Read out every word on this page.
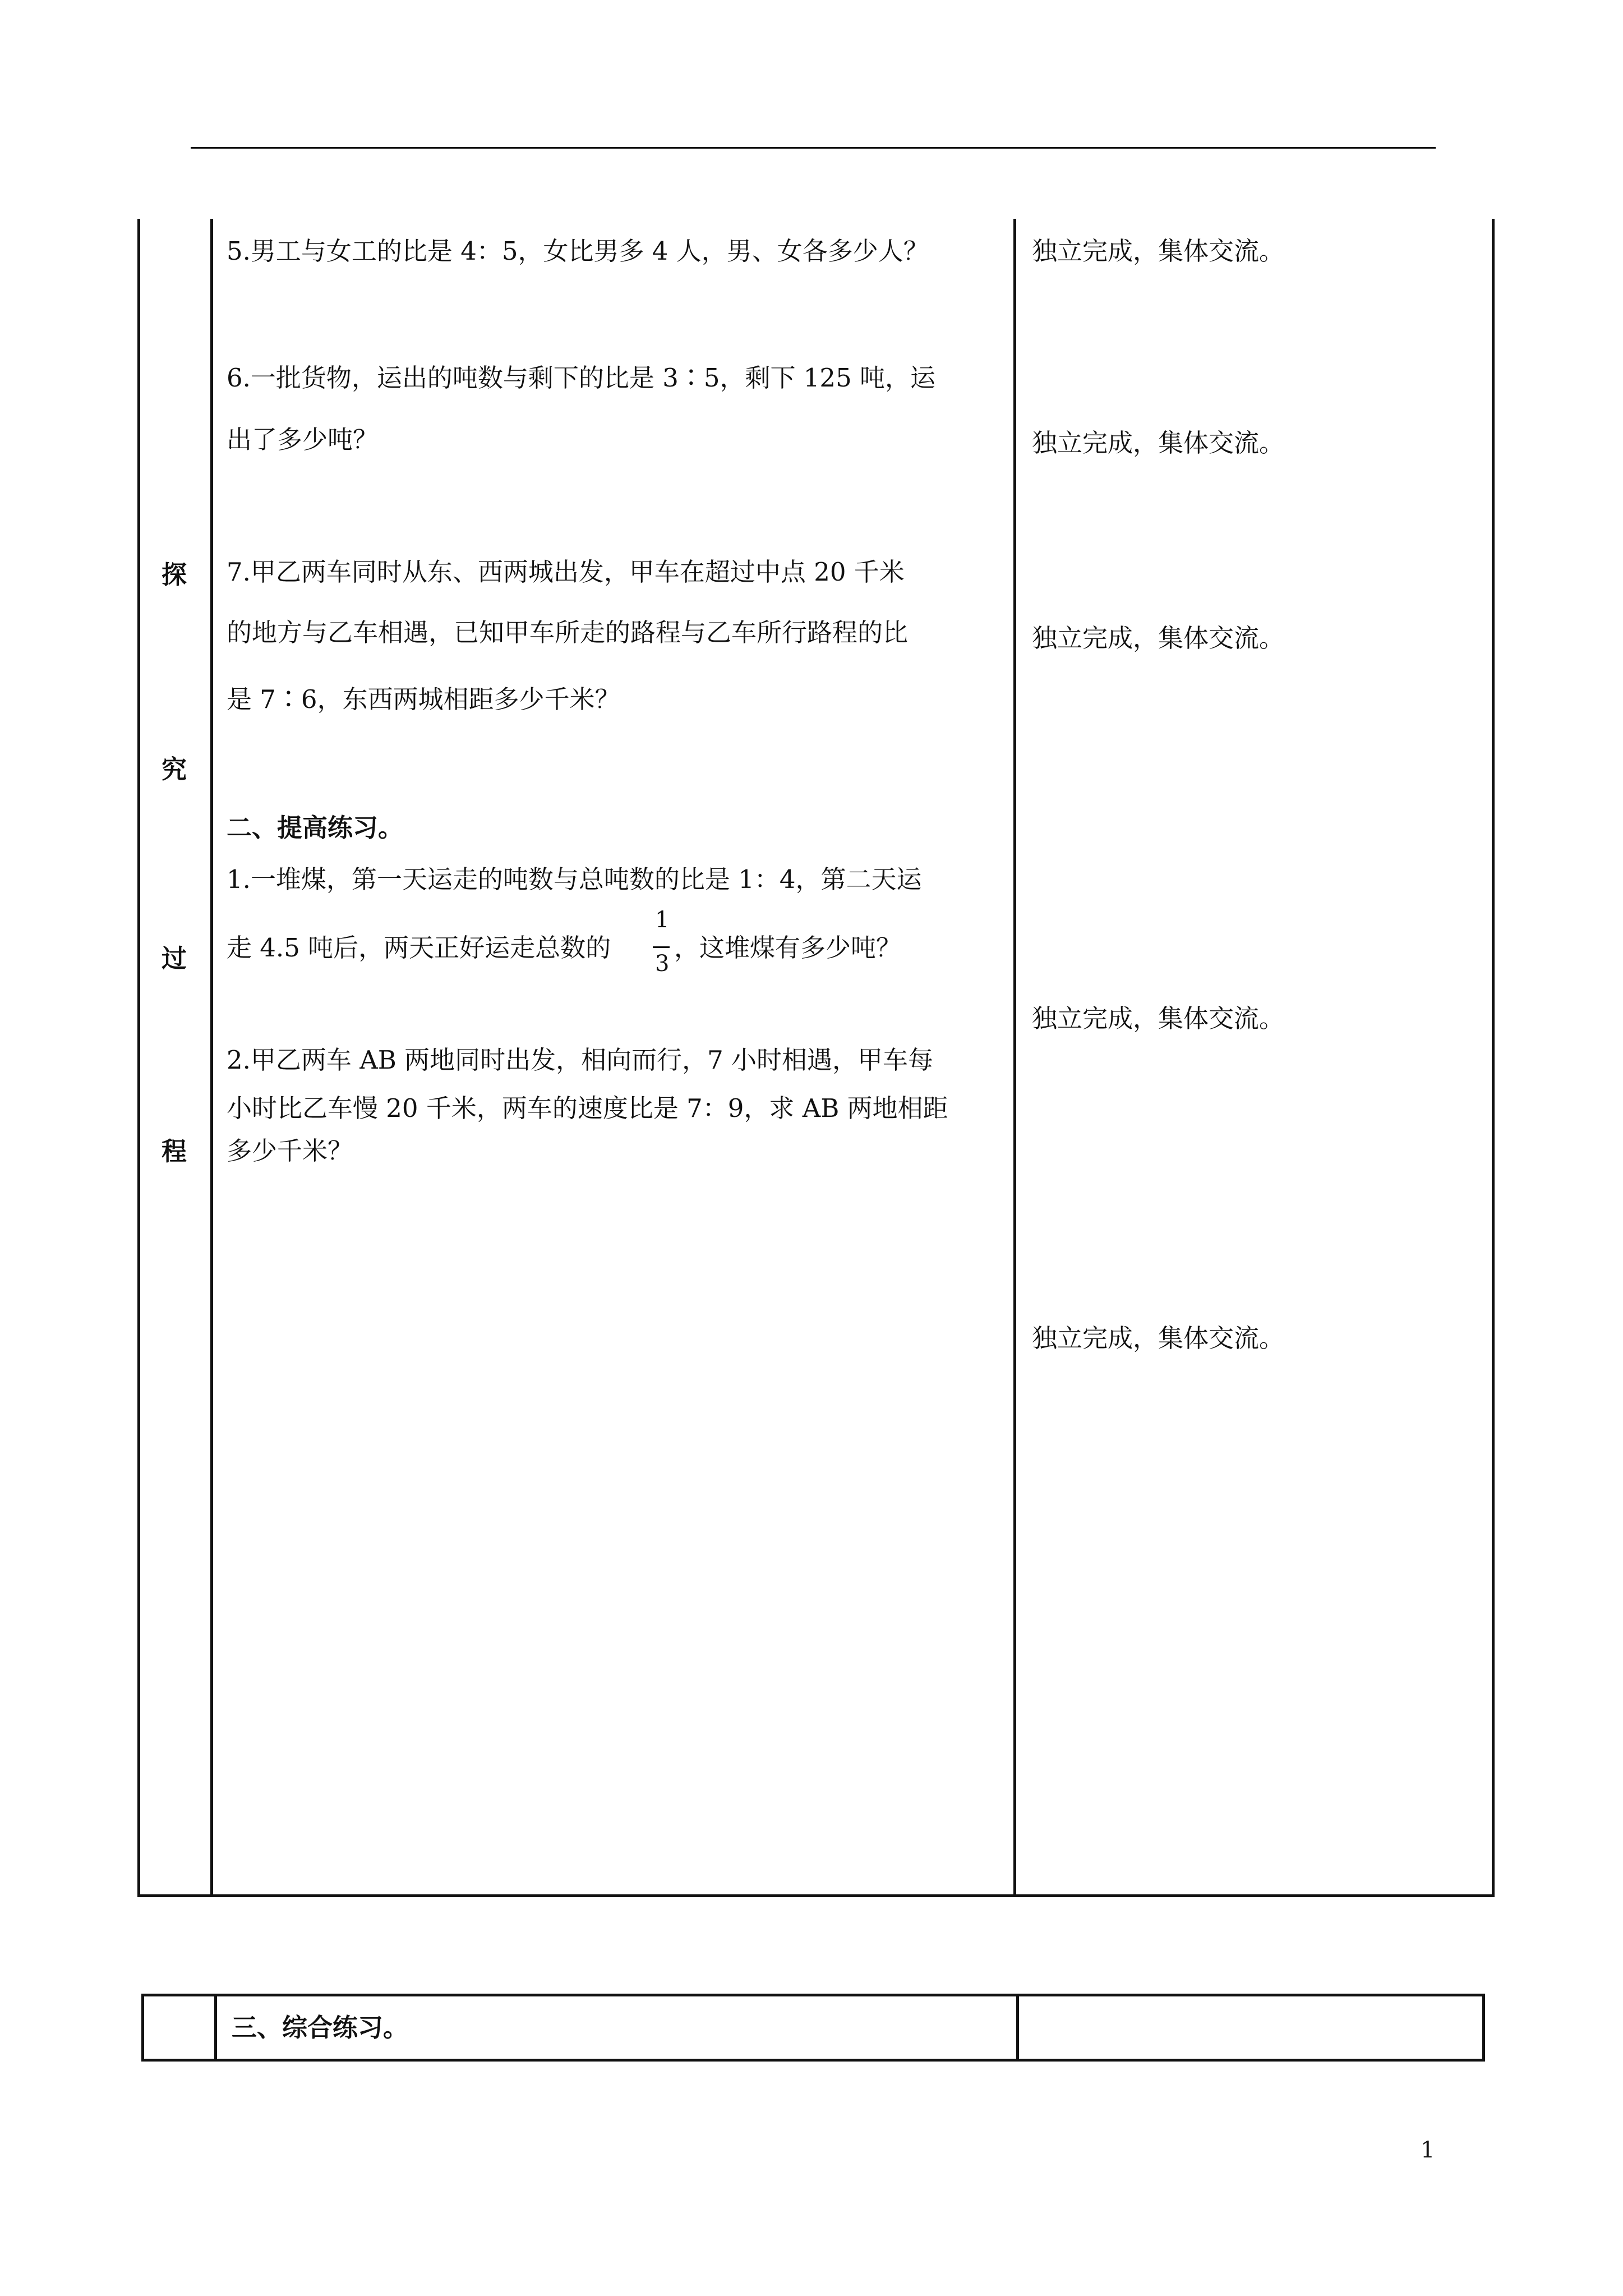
探
究
过
程
5.男工与女工的比是 4：5，女比男多 4 人，男、女各多少人？
6.一批货物，运出的吨数与剩下的比是 3∶5，剩下 125 吨，运
出了多少吨？
7.甲乙两车同时从东、西两城出发，甲车在超过中点 20 千米
的地方与乙车相遇，已知甲车所走的路程与乙车所行路程的比
是 7∶6，东西两城相距多少千米？
二、提高练习。
1.一堆煤，第一天运走的吨数与总吨数的比是 1：4，第二天运
走 4.5 吨后，两天正好运走总数的
1
3
，这堆煤有多少吨？
2.甲乙两车 AB 两地同时出发，相向而行，7 小时相遇，甲车每
小时比乙车慢 20 千米，两车的速度比是 7：9，求 AB 两地相距
多少千米？
独立完成，集体交流。
独立完成，集体交流。
独立完成，集体交流。
独立完成，集体交流。
独立完成，集体交流。
三、综合练习。
1
